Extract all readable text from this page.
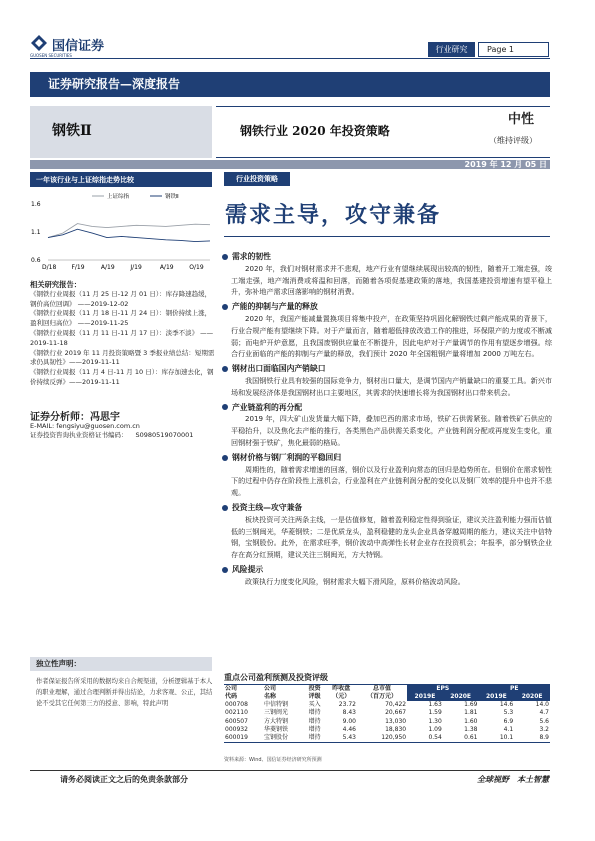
国信证券
GUOSEN SECURITIES
行业研究	Page 1
证券研究报告—深度报告
钢铁Ⅱ	钢铁行业 2020 年投资策略
中性
（维持评级）
2019 年 12 月 05 日
一年该行业与上证综指走势比较
1.6
1.1
0.6
D/18	F/19	A/19	J/19	A/19	O/19
上证综指	钢铁Ⅱ
相关研究报告：
《钢铁行业周报（11 月 25 日-12 月 01 日）：库存降速趋缓，钢价高位回调》 ——2019-12-02
《钢铁行业周报（11 月 18 日-11 月 24 日）：钢价持续上涨，盈利回归高位》 ——2019-11-25
《钢铁行业周报（11 月 11 日-11 月 17 日）：淡季不淡》 ——2019-11-18
《钢铁行业 2019 年 11 月投资策略暨 3 季报业绩总结：短期需求仍具韧性》——2019-11-11
《钢铁行业周报（11 月 4 日-11 月 10 日）：库存加速去化，钢价持续反弹》——2019-11-11
证券分析师：冯思宇
E-MAIL: fengsiyu@guosen.com.cn
证券投资咨询执业资格证书编码： S0980519070001
独立性声明：
作者保证报告所采用的数据均来自合规渠道，分析逻辑基于本人的职业理解，通过合理判断并得出结论，力求客观、公正，其结论不受其它任何第三方的授意、影响，特此声明
行业投资策略
需求主导，攻守兼备
需求的韧性

2020 年，我们对钢材需求并不悲观，地产行业有望继续展现出较高的韧性，随着开工端走强，竣工端走强，地产端消费或将温和回落，而随着各项促基建政策的落地，我国基建投资增速有望平稳上升，弥补地产需求回落影响的钢材消费。

产能的抑制与产量的释放

2020 年，我国产能减量置换项目将集中投产，在政策坚持巩固化解钢铁过剩产能成果的背景下，行业合规产能有望继续下降。对于产量而言，随着超低排放改造工作的推进，环保限产的力度或不断减弱；而电炉开炉意愿，且我国废钢供应量在不断提升，因此电炉对于产量调节的作用有望逐步增强。综合行业面临的产能的抑制与产量的释放，我们预计 2020 年全国粗钢产量将增加 2000 万吨左右。

钢材出口面临国内产销缺口

我国钢铁行业具有较强的国际竞争力，钢材出口量大，是调节国内产销量缺口的重要工具。新兴市场和发展经济体是我国钢材出口主要地区，其需求的快速增长将为我国钢材出口带来机会。

产业链盈利的再分配

2019 年，四大矿山发货量大幅下降，叠加巴西的需求市场，铁矿石供需紧张。随着铁矿石供应的平稳抬升，以及焦化去产能的推行，各类黑色产品供需关系变化，产业链利润分配或再度发生变化，重回钢材强于铁矿，焦化最弱的格局。

钢材价格与钢厂利润的平稳回归

周期性的，随着需求增速的回落，钢价以及行业盈利向常态的回归是趋势所在。但钢价在需求韧性下的过程中仍存在阶段性上涨机会，行业盈利在产业链利润分配的变化以及钢厂效率的提升中也并不悲观。

投资主线—攻守兼备

板块投资可关注两条主线，一是估值修复，随着盈利稳定性得到验证，建议关注盈利能力强而估值低的三钢闽光，华菱钢铁；二是优质龙头，盈利稳健的龙头企业具备穿越周期的能力，建议关注中信特钢，宝钢股份。此外，在需求旺季，钢价波动中高弹性长材企业存在投资机会；年报季，部分钢铁企业存在高分红预期，建议关注三钢闽光，方大特钢。

风险提示

政策执行力度变化风险，钢材需求大幅下滑风险，原料价格波动风险。

重点公司盈利预测及投资评级
公司	公司	投资	昨收盘	总市值	EPS		PE	
代码	名称	评级	（元）	（百万元）	2019E	2020E	2019E	2020E
000708	中信特钢	买入	23.72	70,422	1.63	1.69	14.6	14.0
002110	三钢闽光	增持	8.43	20,667	1.59	1.81	5.3	4.7
600507	方大特钢	增持	9.00	13,030	1.30	1.60	6.9	5.6
000932	华菱钢铁	增持	4.46	18,830	1.09	1.38	4.1	3.2
600019	宝钢股份	增持	5.43	120,950	0.54	0.61	10.1	8.9
资料来源：Wind、国信证券经济研究所预测
请务必阅读正文之后的免责条款部分	全球视野　本土智慧
